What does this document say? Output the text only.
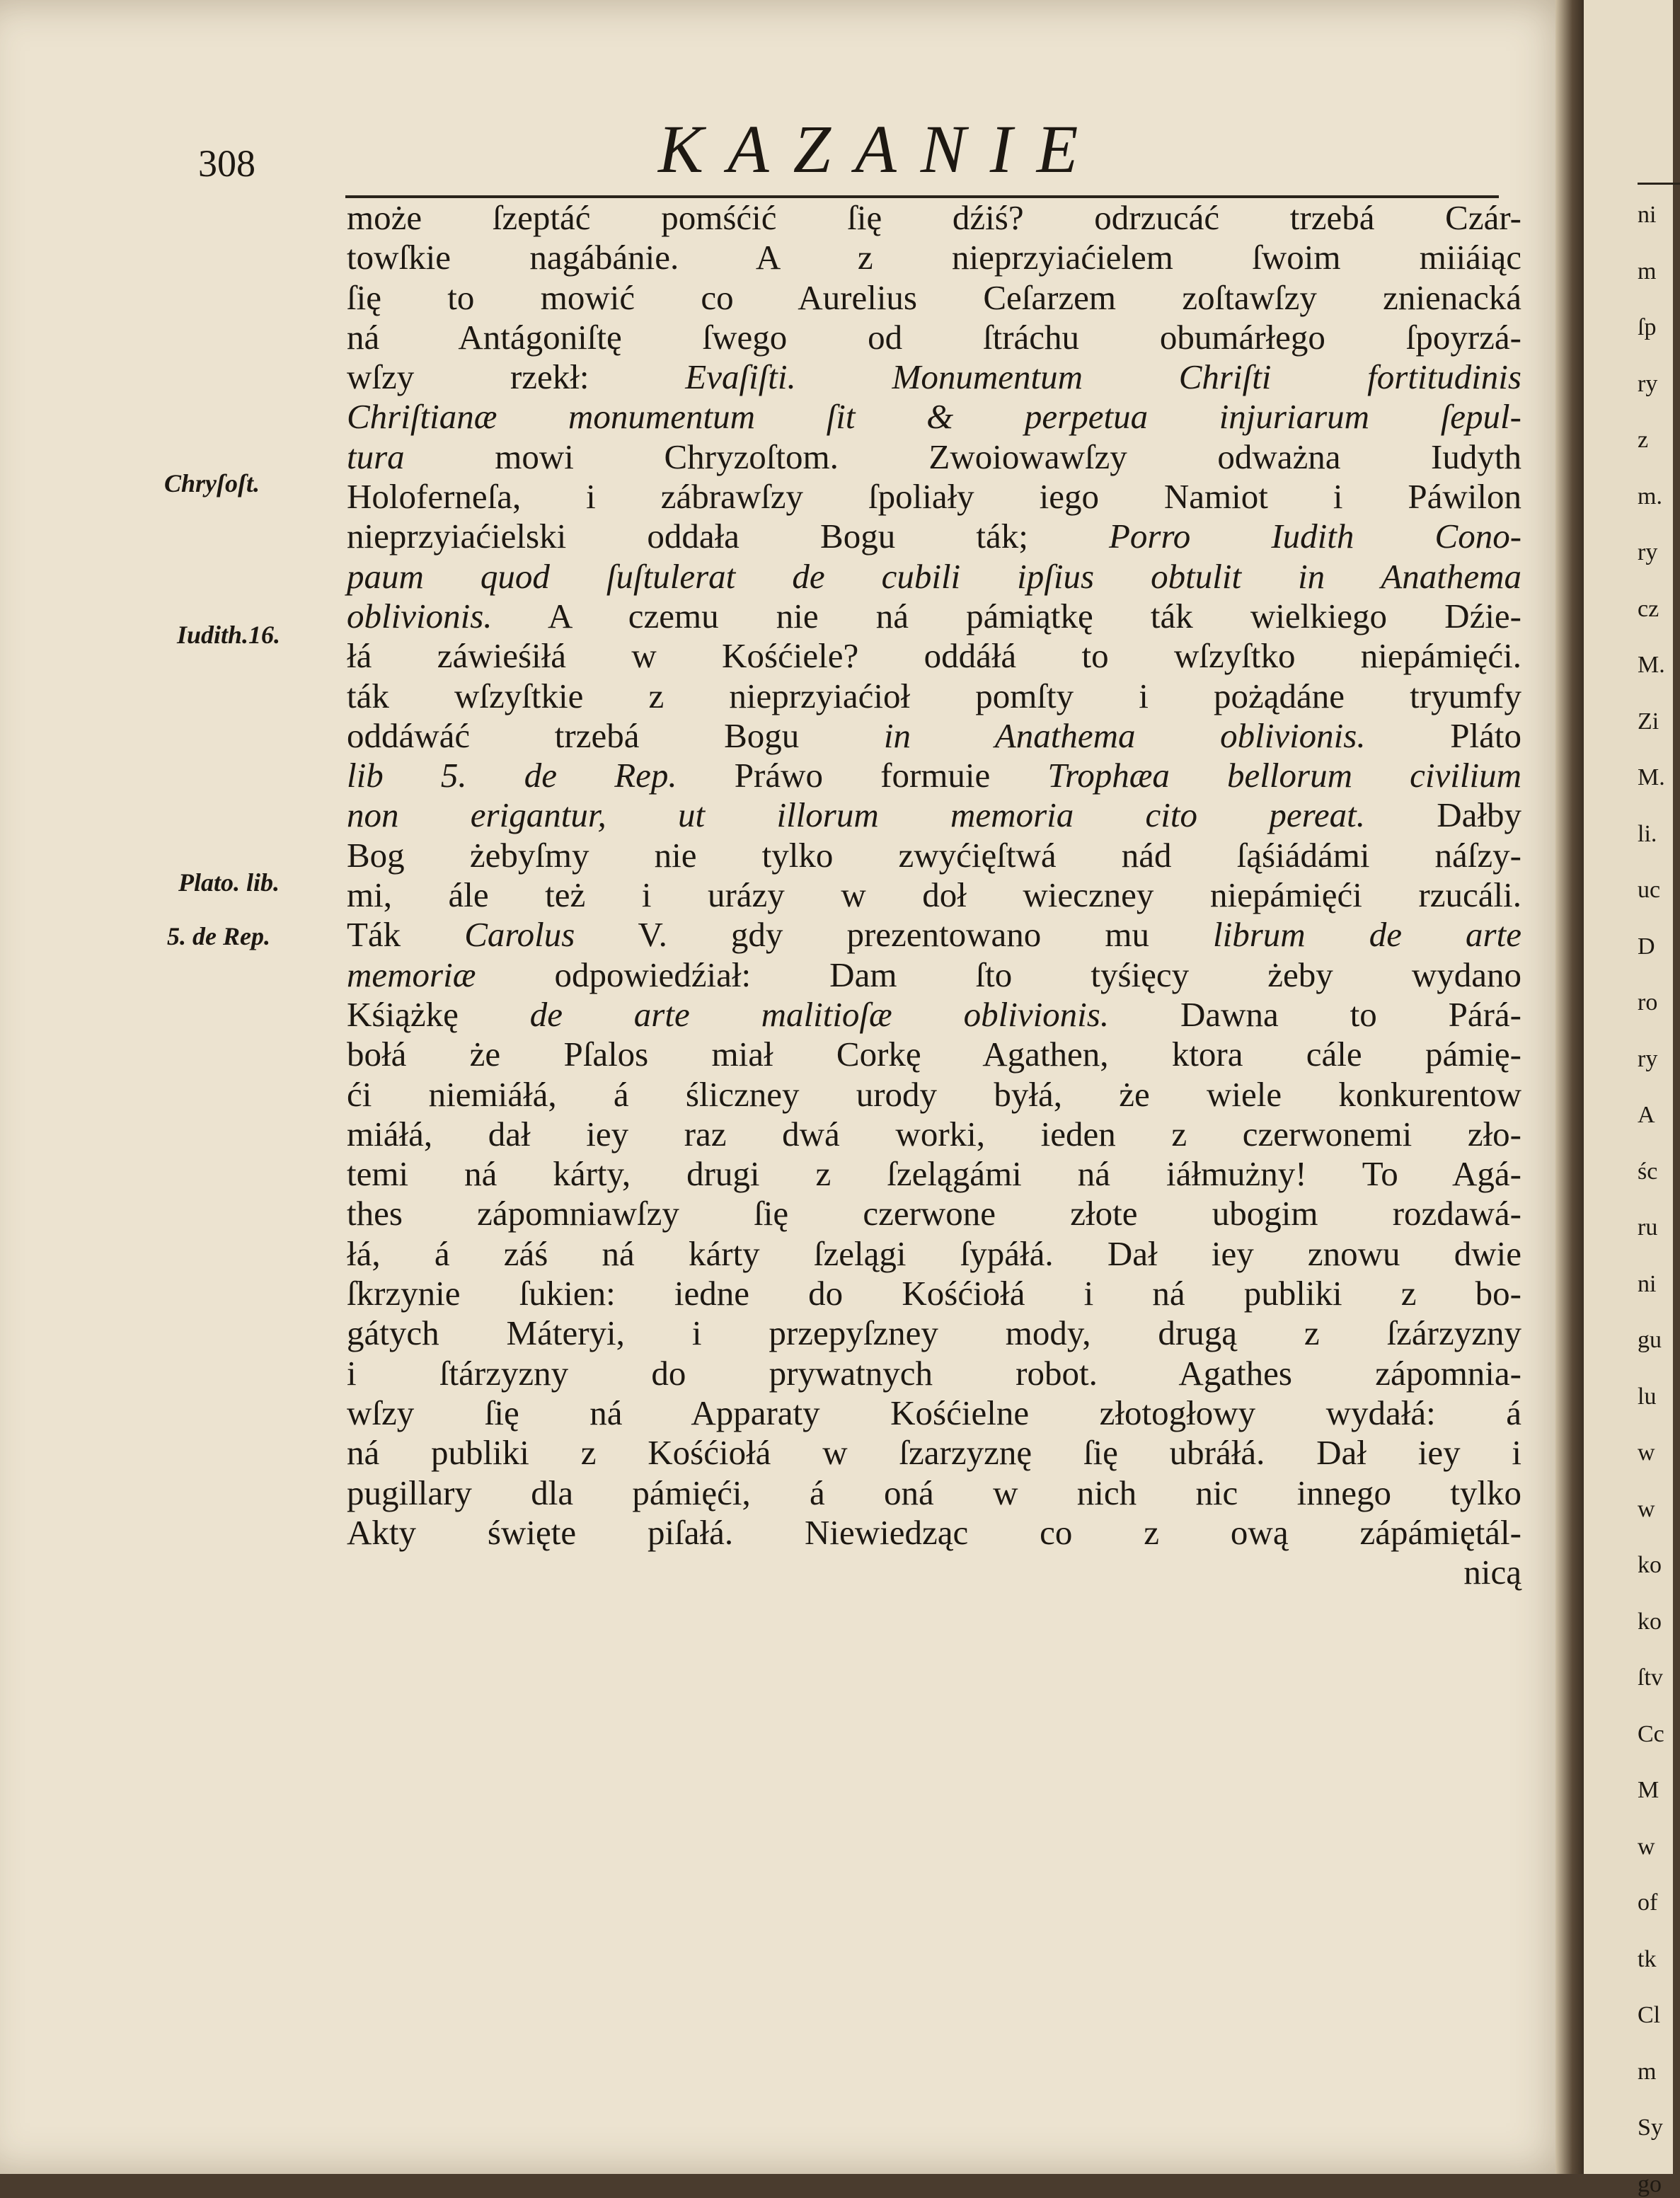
308	KAZANIE
Chryſoſt.
Iudith.16.
Plato. lib.
5. de Rep.
może ſzeptáć pomśćić ſię dźiś? odrzucáć trzebá Czár-
towſkie nagábánie. A z nieprzyiaćielem ſwoim miiáiąc
ſię to mowić co Aurelius Ceſarzem zoſtawſzy znienacká
ná Antágoniſtę ſwego od ſtráchu obumárłego ſpoyrzá-
wſzy rzekł: Evaſiſti. Monumentum Chriſti fortitudinis
Chriſtianæ monumentum ſit & perpetua injuriarum ſepul-
tura mowi Chryzoſtom. Zwoiowawſzy odważna Iudyth
Holoferneſa, i zábrawſzy ſpoliały iego Namiot i Páwilon
nieprzyiaćielski oddała Bogu ták; Porro Iudith Cono-
paum quod ſuſtulerat de cubili ipſius obtulit in Anathema
oblivionis. A czemu nie ná pámiątkę ták wielkiego Dźie-
łá záwieśiłá w Kośćiele? oddáłá to wſzyſtko niepámięći.
ták wſzyſtkie z nieprzyiaćioł pomſty i pożądáne tryumfy
oddáwáć trzebá Bogu in Anathema oblivionis. Pláto
lib 5. de Rep. Práwo formuie Trophæa bellorum civilium
non erigantur, ut illorum memoria cito pereat. Dałby
Bog żebyſmy nie tylko zwyćięſtwá nád ſąśiádámi náſzy-
mi, ále też i urázy w doł wieczney niepámięći rzucáli.
Ták Carolus V. gdy prezentowano mu librum de arte
memoriæ odpowiedźiał: Dam ſto tyśięcy żeby wydano
Kśiążkę de arte malitioſæ oblivionis. Dawna to Párá-
bołá że Pſalos miał Corkę Agathen, ktora cále pámię-
ći niemiáłá, á śliczney urody byłá, że wiele konkurentow
miáłá, dał iey raz dwá worki, ieden z czerwonemi zło-
temi ná kárty, drugi z ſzelągámi ná iáłmużny! To Agá-
thes zápomniawſzy ſię czerwone złote ubogim rozdawá-
łá, á záś ná kárty ſzelągi ſypáłá. Dał iey znowu dwie
ſkrzynie ſukien: iedne do Kośćiołá i ná publiki z bo-
gátych Máteryi, i przepyſzney mody, drugą z ſzárzyzny
i ſtárzyzny do prywatnych robot. Agathes zápomnia-
wſzy ſię ná Apparaty Kośćielne złotogłowy wydałá: á
ná publiki z Kośćiołá w ſzarzyznę ſię ubráłá. Dał iey i
pugillary dla pámięći, á oná w nich nic innego tylko
Akty święte piſałá. Niewiedząc co z ową zápámiętál-
nicą
ni
m
ſp
ry
z
m.
ry
cz
M.
Zi
M.
li.
uc
D
ro
ry
A
śc
ru
ni
gu
lu
w
w
ko
ko
ſtv
Cc
M
w
of
tk
Cl
m
Sy
go
